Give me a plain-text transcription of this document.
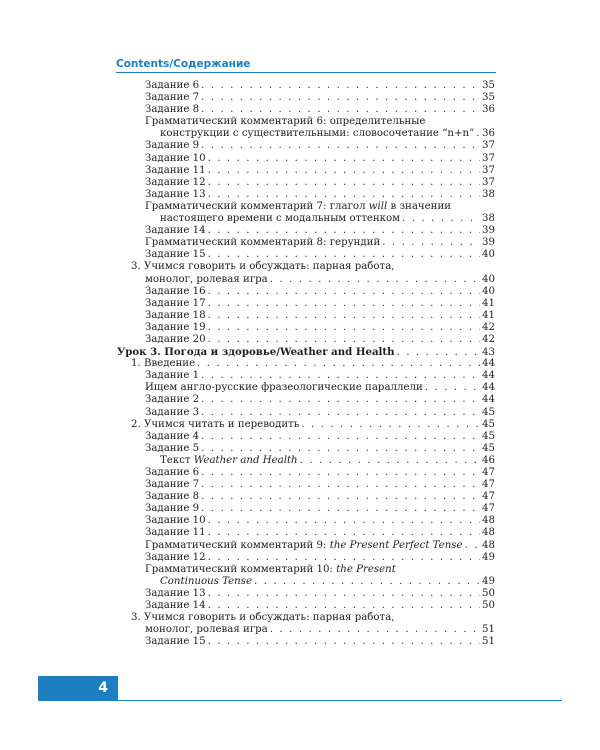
Contents/Содержание
Задание 6 . . .	35
Задание 7 . . .	35
Задание 8 . . .	36
Грамматический комментарий 6: определительные
конструкции с существительными: словосочетание “n+n” . . . 36
Задание 9 . . .	37
Задание 10 . . .	37
Задание 11 . . .	37
Задание 12 . . .	37
Задание 13 . . .	38
Грамматический комментарий 7: глагол will в значении
настоящего времени с модальным оттенком . . .	38
Задание 14 . . .	39
Грамматический комментарий 8: герундий . . .	39
Задание 15 . . .	40
3. Учимся говорить и обсуждать: парная работа,
монолог, ролевая игра . . .	40
Задание 16 . . .	40
Задание 17 . . .	41
Задание 18 . . .	41
Задание 19 . . .	42
Задание 20 . . .	42
Урок 3. Погода и здоровье/Weather and Health . . .	43
1. Введение . . .	44
Задание 1 . . .	44
Ищем англо-русские фразеологические параллели . . .	44
Задание 2 . . .	44
Задание 3 . . .	45
2. Учимся читать и переводить . . .	45
Задание 4 . . .	45
Задание 5 . . .	45
Текст Weather and Health . . .	46
Задание 6 . . .	47
Задание 7 . . .	47
Задание 8 . . .	47
Задание 9 . . .	47
Задание 10 . . .	48
Задание 11 . . .	48
Грамматический комментарий 9: the Present Perfect Tense . . . 48
Задание 12 . . .	49
Грамматический комментарий 10: the Present
Continuous Tense . . .	49
Задание 13 . . .	50
Задание 14 . . .	50
3. Учимся говорить и обсуждать: парная работа,
монолог, ролевая игра . . .	51
Задание 15 . . .	51
4
